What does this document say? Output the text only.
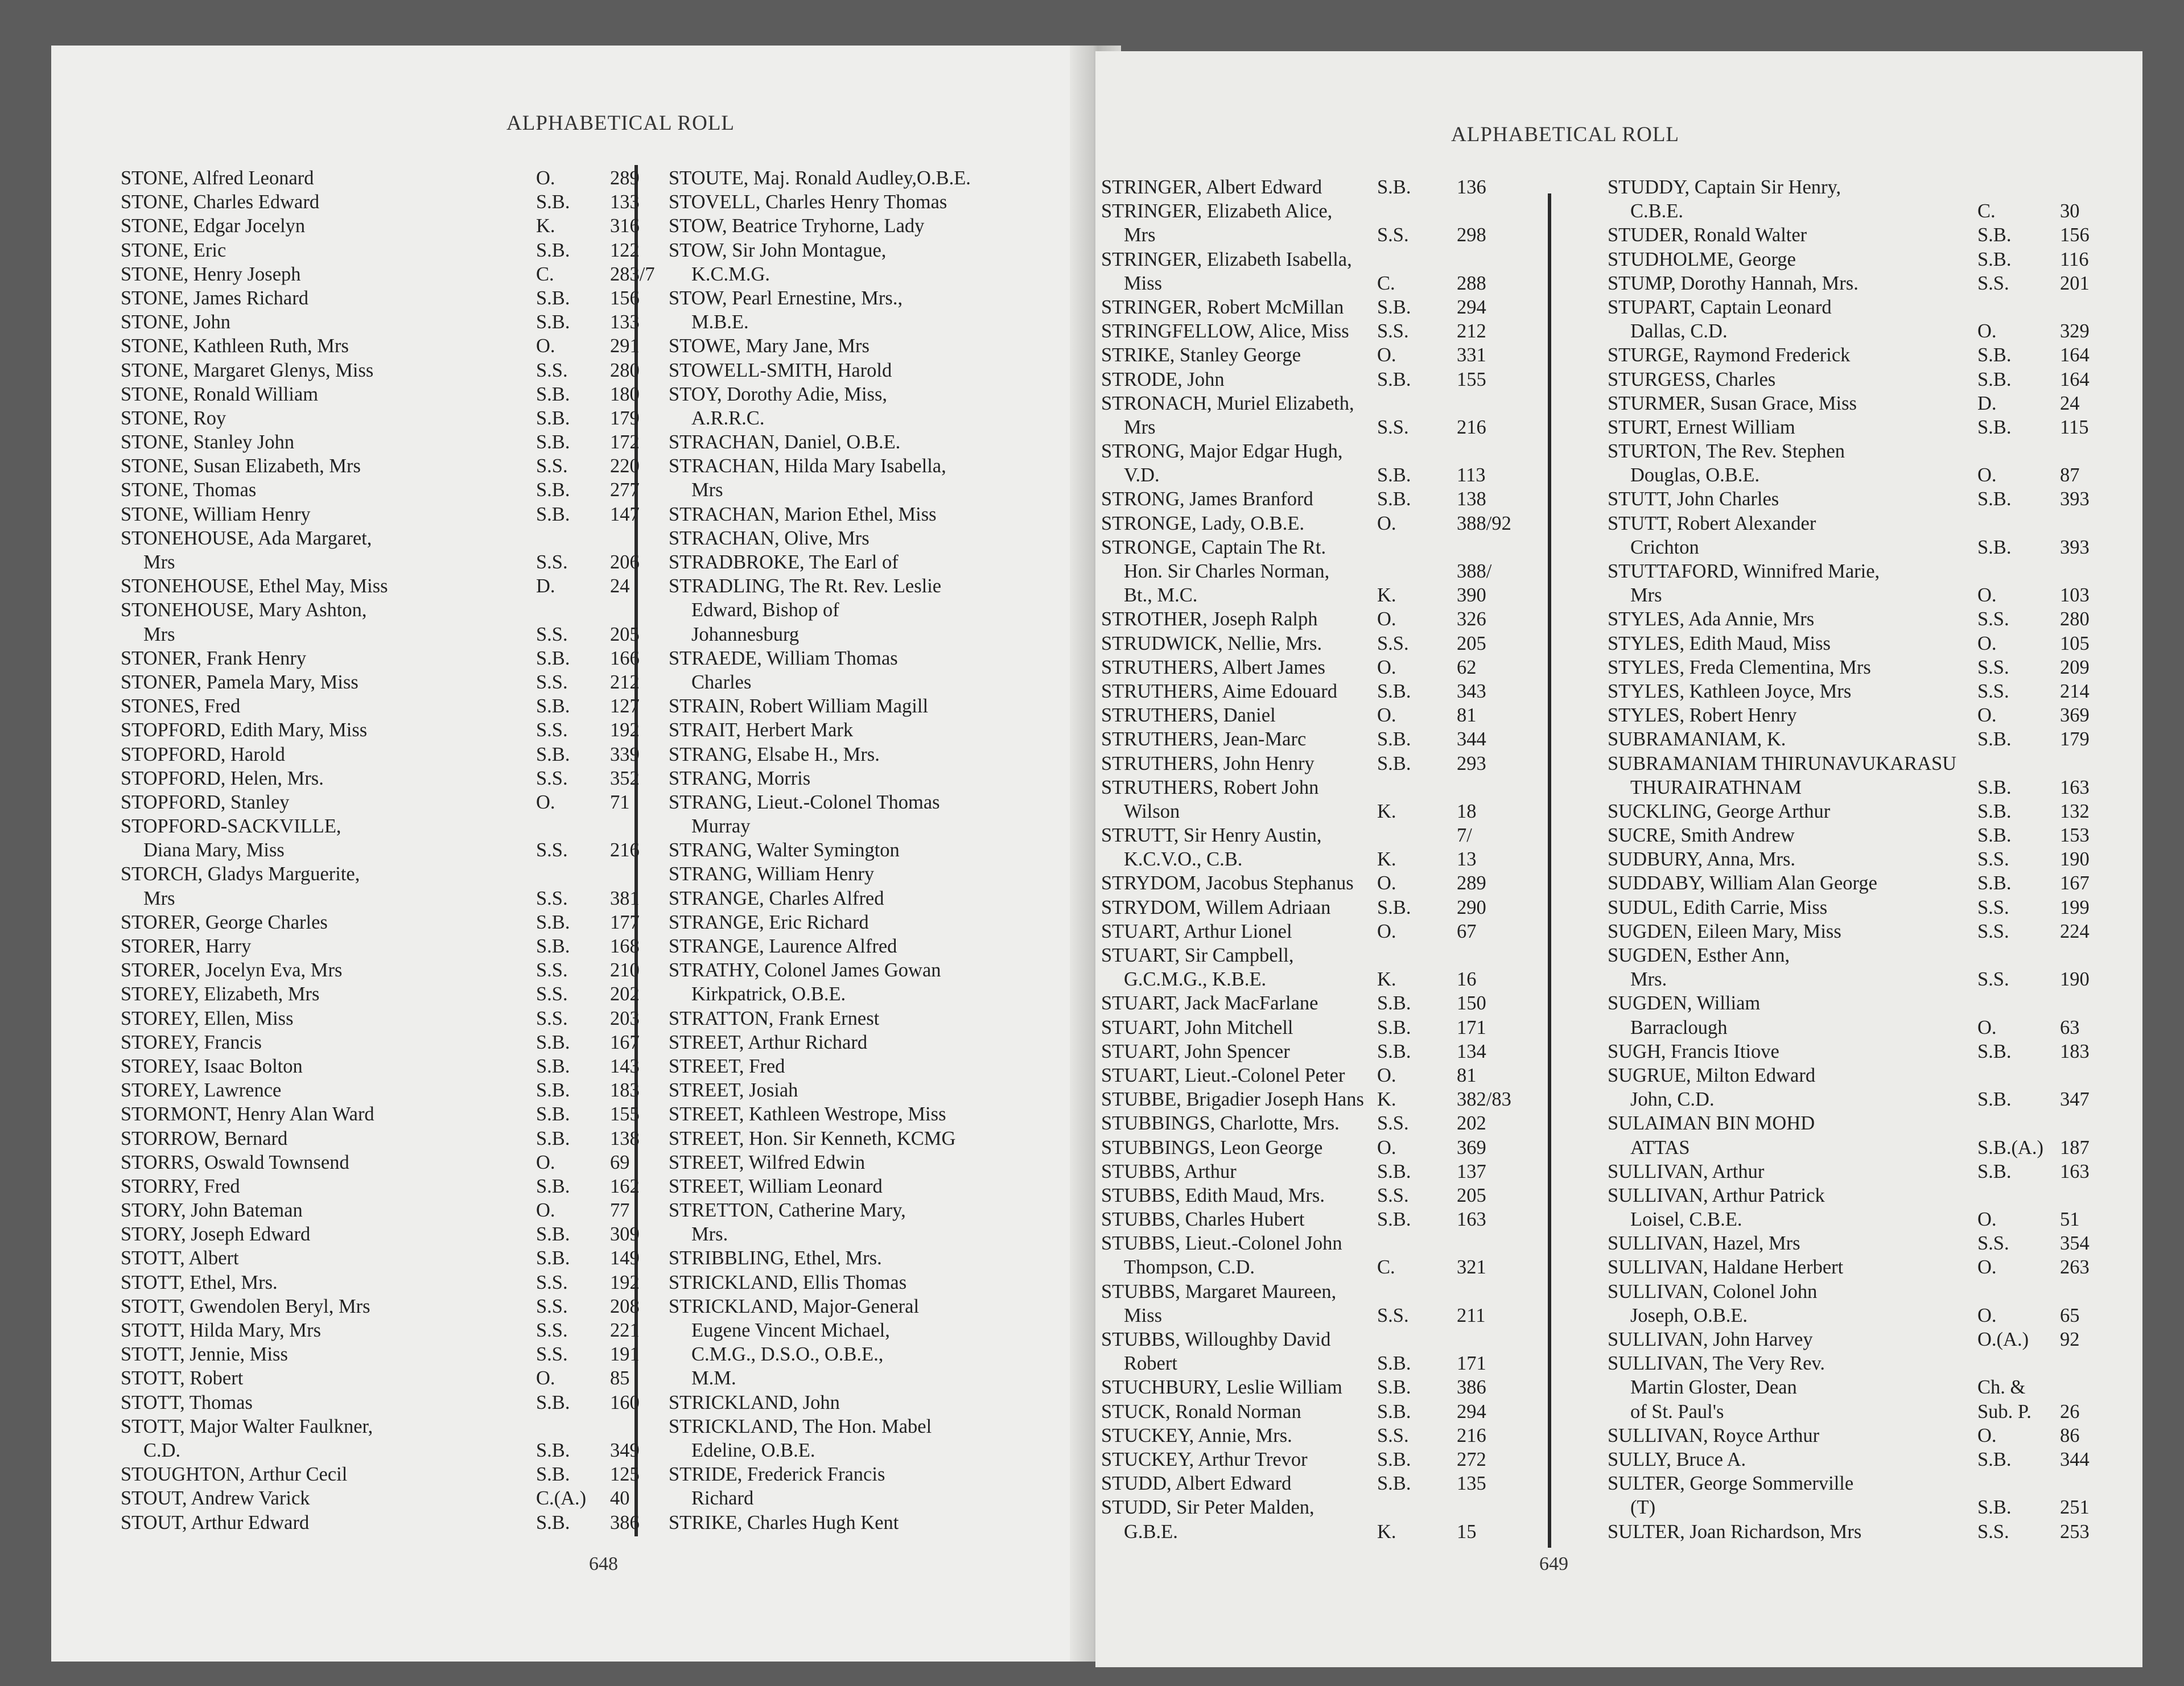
ALPHABETICAL ROLL
STONE, Alfred Leonard	O.	289
STONE, Charles Edward	S.B. 133
STONE, Edgar Jocelyn	K.	316
STONE, Eric	S.B. 122
STONE, Henry Joseph	C.	283/7
STONE, James Richard	S.B. 156
STONE, John	S.B. 133
STONE, Kathleen Ruth, Mrs	O.	291
STONE, Margaret Glenys, Miss	S.S. 280
STONE, Ronald William	S.B. 180
STONE, Roy	S.B. 179
STONE, Stanley John	S.B. 172
STONE, Susan Elizabeth, Mrs	S.S. 220
STONE, Thomas	S.B. 277
STONE, William Henry	S.B. 147
STONEHOUSE, Ada Margaret,
Mrs	S.S. 206
STONEHOUSE, Ethel May, Miss	D.	24
STONEHOUSE, Mary Ashton,
Mrs	S.S. 205
STONER, Frank Henry	S.B. 166
STONER, Pamela Mary, Miss	S.S. 212
STONES, Fred	S.B. 127
STOPFORD, Edith Mary, Miss	S.S. 192
STOPFORD, Harold	S.B. 339
STOPFORD, Helen, Mrs.	S.S. 352
STOPFORD, Stanley	O.	71
STOPFORD-SACKVILLE,
Diana Mary, Miss	S.S. 216
STORCH, Gladys Marguerite,
Mrs	S.S. 381
STORER, George Charles	S.B. 177
STORER, Harry	S.B. 168
STORER, Jocelyn Eva, Mrs	S.S. 210
STOREY, Elizabeth, Mrs	S.S. 202
STOREY, Ellen, Miss	S.S. 203
STOREY, Francis	S.B. 167
STOREY, Isaac Bolton	S.B. 143
STOREY, Lawrence	S.B. 183
STORMONT, Henry Alan Ward	S.B. 155
STORROW, Bernard	S.B. 138
STORRS, Oswald Townsend	O.	69
STORRY, Fred	S.B. 162
STORY, John Bateman	O.	77
STORY, Joseph Edward	S.B. 309
STOTT, Albert	S.B. 149
STOTT, Ethel, Mrs.	S.S. 192
STOTT, Gwendolen Beryl, Mrs	S.S. 208
STOTT, Hilda Mary, Mrs	S.S. 221
STOTT, Jennie, Miss	S.S. 191
STOTT, Robert	O.	85
STOTT, Thomas	S.B. 160
STOTT, Major Walter Faulkner,
C.D.	S.B. 349
STOUGHTON, Arthur Cecil	S.B. 125
STOUT, Andrew Varick	C.(A.) 40
STOUT, Arthur Edward	S.B. 386
STOUTE, Maj. Ronald Audley,O.B.E.
STOVELL, Charles Henry Thomas
STOW, Beatrice Tryhorne, Lady
STOW, Sir John Montague,
K.C.M.G.
STOW, Pearl Ernestine, Mrs.,
M.B.E.
STOWE, Mary Jane, Mrs
STOWELL-SMITH, Harold
STOY, Dorothy Adie, Miss,
A.R.R.C.
STRACHAN, Daniel, O.B.E.
STRACHAN, Hilda Mary Isabella,
Mrs
STRACHAN, Marion Ethel, Miss
STRACHAN, Olive, Mrs
STRADBROKE, The Earl of
STRADLING, The Rt. Rev. Leslie
Edward, Bishop of
Johannesburg
STRAEDE, William Thomas
Charles
STRAIN, Robert William Magill
STRAIT, Herbert Mark
STRANG, Elsabe H., Mrs.
STRANG, Morris
STRANG, Lieut.-Colonel Thomas
Murray
STRANG, Walter Symington
STRANG, William Henry
STRANGE, Charles Alfred
STRANGE, Eric Richard
STRANGE, Laurence Alfred
STRATHY, Colonel James Gowan
Kirkpatrick, O.B.E.
STRATTON, Frank Ernest
STREET, Arthur Richard
STREET, Fred
STREET, Josiah
STREET, Kathleen Westrope, Miss
STREET, Hon. Sir Kenneth, KCMG
STREET, Wilfred Edwin
STREET, William Leonard
STRETTON, Catherine Mary,
Mrs.
STRIBBLING, Ethel, Mrs.
STRICKLAND, Ellis Thomas
STRICKLAND, Major-General
Eugene Vincent Michael,
C.M.G., D.S.O., O.B.E.,
M.M.
STRICKLAND, John
STRICKLAND, The Hon. Mabel
Edeline, O.B.E.
STRIDE, Frederick Francis
Richard
STRIKE, Charles Hugh Kent
648
ALPHABETICAL ROLL
STRINGER, Albert Edward	S.B. 136
STRINGER, Elizabeth Alice,
Mrs	S.S. 298
STRINGER, Elizabeth Isabella,
Miss	C.	288
STRINGER, Robert McMillan S.B. 294
STRINGFELLOW, Alice, Miss S.S. 212
STRIKE, Stanley George	O.	331
STRODE, John	S.B. 155
STRONACH, Muriel Elizabeth,
Mrs	S.S. 216
STRONG, Major Edgar Hugh,
V.D.	S.B. 113
STRONG, James Branford	S.B. 138
STRONGE, Lady, O.B.E.	O.	388/92
STRONGE, Captain The Rt.
Hon. Sir Charles Norman,	388/
Bt., M.C.	K.	390
STROTHER, Joseph Ralph	O.	326
STRUDWICK, Nellie, Mrs.	S.S. 205
STRUTHERS, Albert James	O.	62
STRUTHERS, Aime Edouard S.B. 343
STRUTHERS, Daniel	O.	81
STRUTHERS, Jean-Marc	S.B. 344
STRUTHERS, John Henry	S.B. 293
STRUTHERS, Robert John
Wilson	K.	18
STRUTT, Sir Henry Austin,	7/
K.C.V.O., C.B.	K.	13
STRYDOM, Jacobus Stephanus O.	289
STRYDOM, Willem Adriaan S.B. 290
STUART, Arthur Lionel	O.	67
STUART, Sir Campbell,
G.C.M.G., K.B.E.	K.	16
STUART, Jack MacFarlane	S.B. 150
STUART, John Mitchell	S.B. 171
STUART, John Spencer	S.B. 134
STUART, Lieut.-Colonel Peter O.	81
STUBBE, Brigadier Joseph Hans K.	382/83
STUBBINGS, Charlotte, Mrs. S.S. 202
STUBBINGS, Leon George	O.	369
STUBBS, Arthur	S.B. 137
STUBBS, Edith Maud, Mrs.	S.S. 205
STUBBS, Charles Hubert	S.B. 163
STUBBS, Lieut.-Colonel John
Thompson, C.D.	C.	321
STUBBS, Margaret Maureen,
Miss	S.S. 211
STUBBS, Willoughby David
Robert	S.B. 171
STUCHBURY, Leslie William S.B. 386
STUCK, Ronald Norman	S.B. 294
STUCKEY, Annie, Mrs.	S.S. 216
STUCKEY, Arthur Trevor	S.B. 272
STUDD, Albert Edward	S.B. 135
STUDD, Sir Peter Malden,
G.B.E.	K.	15
STUDDY, Captain Sir Henry,
C.B.E.	C.	30
STUDER, Ronald Walter	S.B. 156
STUDHOLME, George	S.B. 116
STUMP, Dorothy Hannah, Mrs.	S.S.	201
STUPART, Captain Leonard
Dallas, C.D.	O.	329
STURGE, Raymond Frederick	S.B. 164
STURGESS, Charles	S.B. 164
STURMER, Susan Grace, Miss	D.	24
STURT, Ernest William	S.B. 115
STURTON, The Rev. Stephen
Douglas, O.B.E.	O.	87
STUTT, John Charles	S.B. 393
STUTT, Robert Alexander
Crichton	S.B. 393
STUTTAFORD, Winnifred Marie,
Mrs	O.	103
STYLES, Ada Annie, Mrs	S.S.	280
STYLES, Edith Maud, Miss	O.	105
STYLES, Freda Clementina, Mrs	S.S.	209
STYLES, Kathleen Joyce, Mrs	S.S.	214
STYLES, Robert Henry	O.	369
SUBRAMANIAM, K.	S.B. 179
SUBRAMANIAM THIRUNAVUKARASU
THURAIRATHNAM	S.B. 163
SUCKLING, George Arthur	S.B. 132
SUCRE, Smith Andrew	S.B. 153
SUDBURY, Anna, Mrs.	S.S.	190
SUDDABY, William Alan George	S.B. 167
SUDUL, Edith Carrie, Miss	S.S.	199
SUGDEN, Eileen Mary, Miss	S.S.	224
SUGDEN, Esther Ann,
Mrs.	S.S.	190
SUGDEN, William
Barraclough	O.	63
SUGH, Francis Itiove	S.B. 183
SUGRUE, Milton Edward
John, C.D.	S.B. 347
SULAIMAN BIN MOHD
ATTAS	S.B.(A.) 187
SULLIVAN, Arthur	S.B. 163
SULLIVAN, Arthur Patrick
Loisel, C.B.E.	O.	51
SULLIVAN, Hazel, Mrs	S.S.	354
SULLIVAN, Haldane Herbert	O.	263
SULLIVAN, Colonel John
Joseph, O.B.E.	O.	65
SULLIVAN, John Harvey	O.(A.) 92
SULLIVAN, The Very Rev.
Martin Gloster, Dean	Ch. &
of St. Paul's	Sub. P. 26
SULLIVAN, Royce Arthur	O.	86
SULLY, Bruce A.	S.B. 344
SULTER, George Sommerville
(T)	S.B. 251
SULTER, Joan Richardson, Mrs	S.S.	253
649
